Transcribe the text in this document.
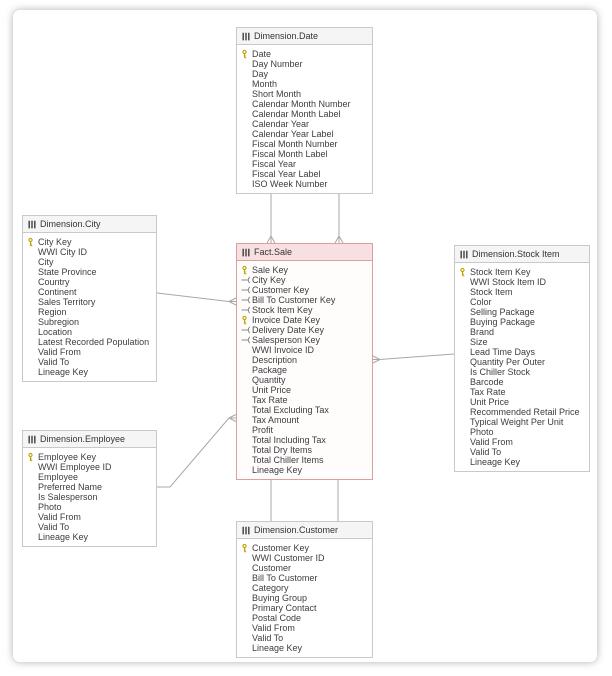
Dimension.Date
Date
Day Number
Day
Month
Short Month
Calendar Month Number
Calendar Month Label
Calendar Year
Calendar Year Label
Fiscal Month Number
Fiscal Month Label
Fiscal Year
Fiscal Year Label
ISO Week Number
Dimension.City
City Key
WWI City ID
City
State Province
Country
Continent
Sales Territory
Region
Subregion
Location
Latest Recorded Population
Valid From
Valid To
Lineage Key
Fact.Sale
Sale Key
City Key
Customer Key
Bill To Customer Key
Stock Item Key
Invoice Date Key
Delivery Date Key
Salesperson Key
WWI Invoice ID
Description
Package
Quantity
Unit Price
Tax Rate
Total Excluding Tax
Tax Amount
Profit
Total Including Tax
Total Dry Items
Total Chiller Items
Lineage Key
Dimension.Stock Item
Stock Item Key
WWI Stock Item ID
Stock Item
Color
Selling Package
Buying Package
Brand
Size
Lead Time Days
Quantity Per Outer
Is Chiller Stock
Barcode
Tax Rate
Unit Price
Recommended Retail Price
Typical Weight Per Unit
Photo
Valid From
Valid To
Lineage Key
Dimension.Employee
Employee Key
WWI Employee ID
Employee
Preferred Name
Is Salesperson
Photo
Valid From
Valid To
Lineage Key
Dimension.Customer
Customer Key
WWI Customer ID
Customer
Bill To Customer
Category
Buying Group
Primary Contact
Postal Code
Valid From
Valid To
Lineage Key
